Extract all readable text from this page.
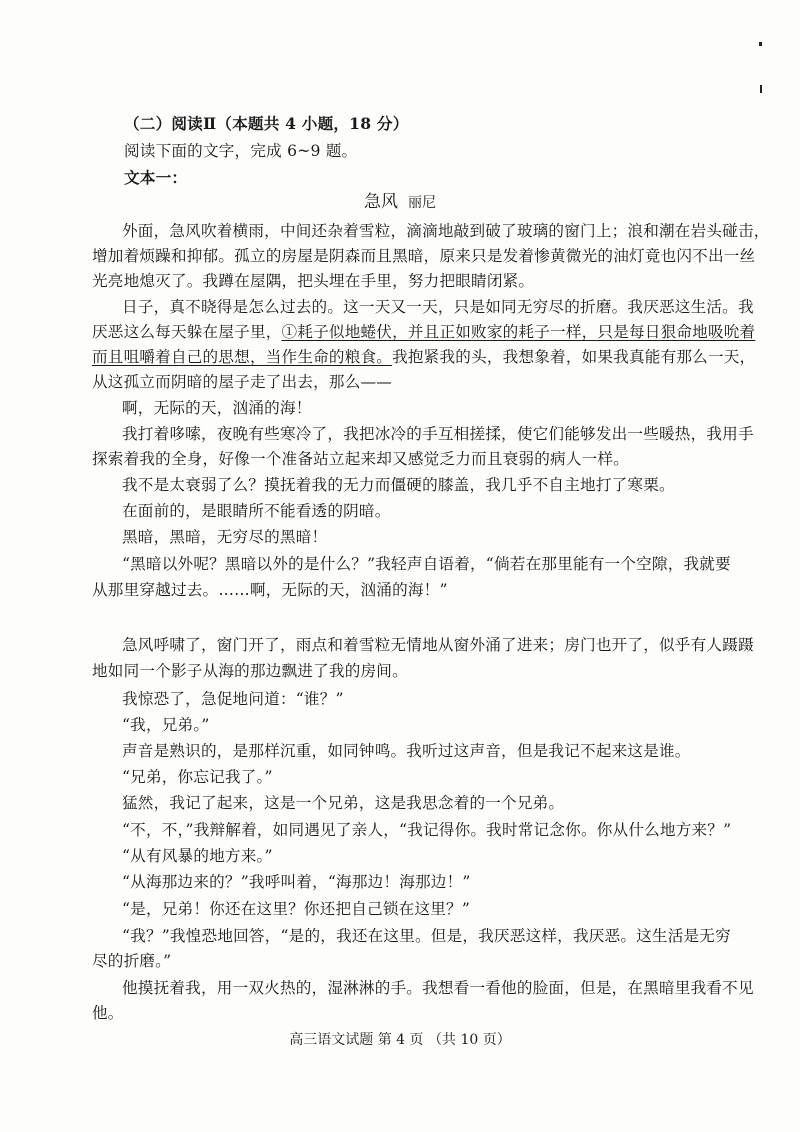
（二）阅读Ⅱ（本题共 4 小题，18 分）
阅读下面的文字，完成 6~9 题。
文本一：
急风 丽尼
外面，急风吹着横雨，中间还杂着雪粒，滴滴地敲到破了玻璃的窗门上；浪和潮在岩头碰击，
增加着烦躁和抑郁。孤立的房屋是阴森而且黑暗，原来只是发着惨黄微光的油灯竟也闪不出一丝
光亮地熄灭了。我蹲在屋隅，把头埋在手里，努力把眼睛闭紧。
日子，真不晓得是怎么过去的。这一天又一天，只是如同无穷尽的折磨。我厌恶这生活。我
厌恶这么每天躲在屋子里，①耗子似地蜷伏，并且正如败家的耗子一样，只是每日狠命地吸吮着
而且咀嚼着自己的思想，当作生命的粮食。我抱紧我的头，我想象着，如果我真能有那么一天，
从这孤立而阴暗的屋子走了出去，那么——
啊，无际的天，汹涌的海！
我打着哆嗦，夜晚有些寒冷了，我把冰冷的手互相搓揉，使它们能够发出一些暖热，我用手
探索着我的全身，好像一个准备站立起来却又感觉乏力而且衰弱的病人一样。
我不是太衰弱了么？摸抚着我的无力而僵硬的膝盖，我几乎不自主地打了寒栗。
在面前的，是眼睛所不能看透的阴暗。
黑暗，黑暗，无穷尽的黑暗！
“黑暗以外呢？黑暗以外的是什么？”我轻声自语着，“倘若在那里能有一个空隙，我就要
从那里穿越过去。……啊，无际的天，汹涌的海！”
急风呼啸了，窗门开了，雨点和着雪粒无情地从窗外涌了进来；房门也开了，似乎有人蹑蹑
地如同一个影子从海的那边飘进了我的房间。
我惊恐了，急促地问道：“谁？”
“我，兄弟。”
声音是熟识的，是那样沉重，如同钟鸣。我听过这声音，但是我记不起来这是谁。
“兄弟，你忘记我了。”
猛然，我记了起来，这是一个兄弟，这是我思念着的一个兄弟。
“不，不，”我辩解着，如同遇见了亲人，“我记得你。我时常记念你。你从什么地方来？”
“从有风暴的地方来。”
“从海那边来的？”我呼叫着，“海那边！海那边！”
“是，兄弟！你还在这里？你还把自己锁在这里？”
“我？”我惶恐地回答，“是的，我还在这里。但是，我厌恶这样，我厌恶。这生活是无穷
尽的折磨。”
他摸抚着我，用一双火热的，湿淋淋的手。我想看一看他的脸面，但是，在黑暗里我看不见
他。
高三语文试题 第 4 页 （共 10 页）
